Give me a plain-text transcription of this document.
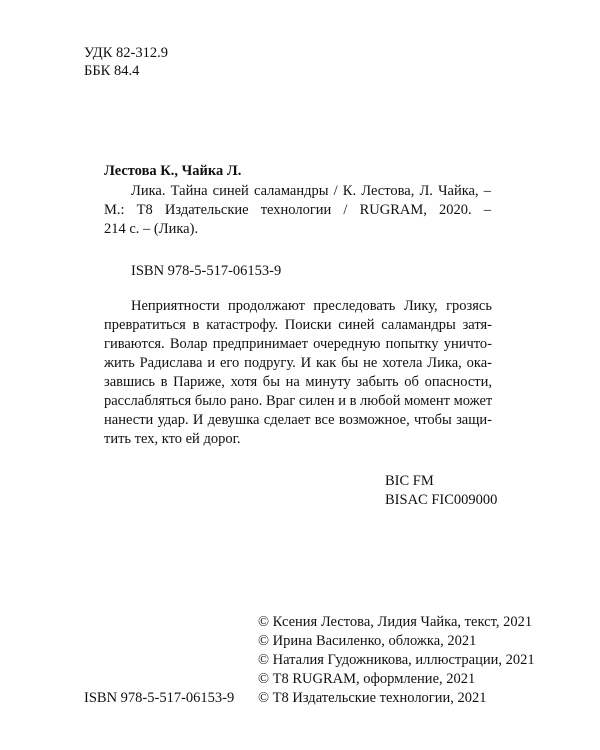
УДК 82-312.9
ББК 84.4
Лестова К., Чайка Л.
Лика. Тайна синей саламандры / К. Лестова, Л. Чайка, –
М.: Т8 Издательские технологии / RUGRAM, 2020. –
214 с. – (Лика).
ISBN 978-5-517-06153-9
Неприятности продолжают преследовать Лику, грозясь
превратиться в катастрофу. Поиски синей саламандры затя-
гиваются. Волар предпринимает очередную попытку уничто-
жить Радислава и его подругу. И как бы не хотела Лика, ока-
завшись в Париже, хотя бы на минуту забыть об опасности,
расслабляться было рано. Враг силен и в любой момент может
нанести удар. И девушка сделает все возможное, чтобы защи-
тить тех, кто ей дорог.
BIC FM
BISAC FIC009000
© Ксения Лестова, Лидия Чайка, текст, 2021
© Ирина Василенко, обложка, 2021
© Наталия Гудожникова, иллюстрации, 2021
© Т8 RUGRAM, оформление, 2021
© Т8 Издательские технологии, 2021
ISBN 978-5-517-06153-9
